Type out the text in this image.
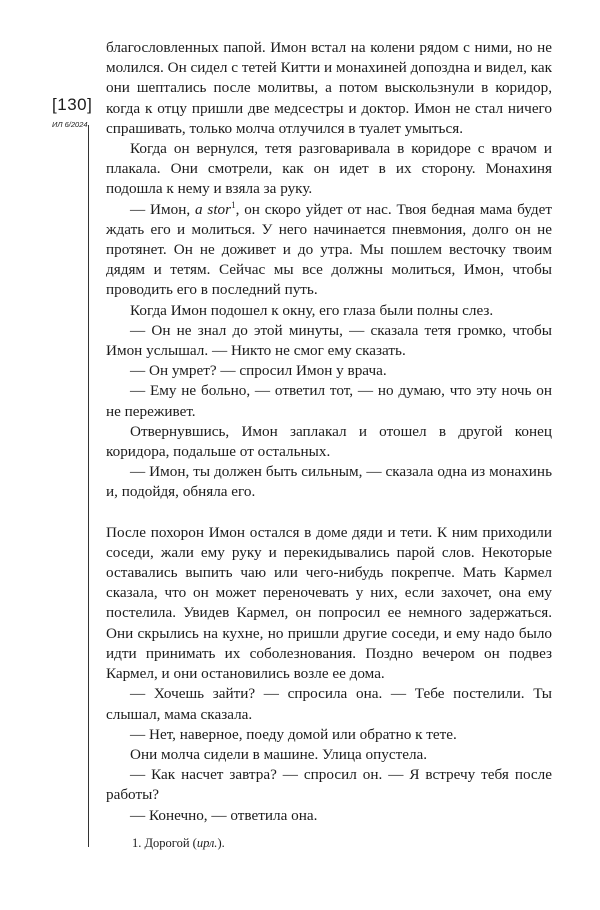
[130]
ИЛ 6/2024

благословленных папой. Имон встал на колени рядом с ними, но не молился. Он сидел с тетей Китти и монахиней допоздна и видел, как они шептались после молитвы, а потом выскользнули в коридор, когда к отцу пришли две медсестры и доктор. Имон не стал ничего спрашивать, только молча отлучился в туалет умыться.

Когда он вернулся, тетя разговаривала в коридоре с врачом и плакала. Они смотрели, как он идет в их сторону. Монахиня подошла к нему и взяла за руку.

— Имон, a stor$^1$, он скоро уйдет от нас. Твоя бедная мама будет ждать его и молиться. У него начинается пневмония, долго он не протянет. Он не доживет и до утра. Мы пошлем весточку твоим дядям и тетям. Сейчас мы все должны молиться, Имон, чтобы проводить его в последний путь.

Когда Имон подошел к окну, его глаза были полны слез.

— Он не знал до этой минуты, — сказала тетя громко, чтобы Имон услышал. — Никто не смог ему сказать.

— Он умрет? — спросил Имон у врача.

— Ему не больно, — ответил тот, — но думаю, что эту ночь он не переживет.

Отвернувшись, Имон заплакал и отошел в другой конец коридора, подальше от остальных.

— Имон, ты должен быть сильным, — сказала одна из монахинь и, подойдя, обняла его.

После похорон Имон остался в доме дяди и тети. К ним приходили соседи, жали ему руку и перекидывались парой слов. Некоторые оставались выпить чаю или чего-нибудь покрепче. Мать Кармел сказала, что он может переночевать у них, если захочет, она ему постелила. Увидев Кармел, он попросил ее немного задержаться. Они скрылись на кухне, но пришли другие соседи, и ему надо было идти принимать их соболезнования. Поздно вечером он подвез Кармел, и они остановились возле ее дома.

— Хочешь зайти? — спросила она. — Тебе постелили. Ты слышал, мама сказала.

— Нет, наверное, поеду домой или обратно к тете.

Они молча сидели в машине. Улица опустела.

— Как насчет завтра? — спросил он. — Я встречу тебя после работы?

— Конечно, — ответила она.

1. Дорогой (ирл.).
